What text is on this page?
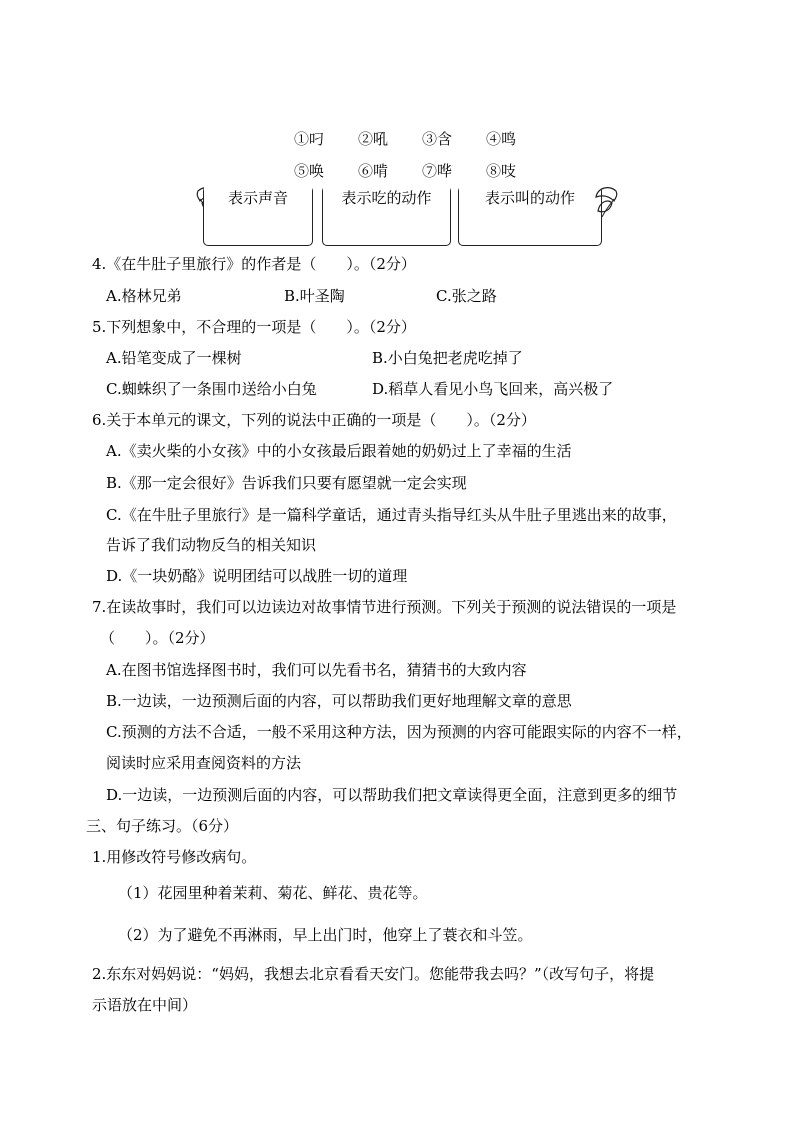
①叼 ②吼 ③含 ④鸣
⑤唤 ⑥啃 ⑦哗 ⑧吱
表示声音	表示吃的动作	表示叫的动作
4.《在牛肚子里旅行》的作者是（　　）。（2分）
A.格林兄弟	B.叶圣陶	C.张之路
5.下列想象中，不合理的一项是（　　）。（2分）
A.铅笔变成了一棵树	B.小白兔把老虎吃掉了
C.蜘蛛织了一条围巾送给小白兔	D.稻草人看见小鸟飞回来，高兴极了
6.关于本单元的课文，下列的说法中正确的一项是（　　）。（2分）
A.《卖火柴的小女孩》中的小女孩最后跟着她的奶奶过上了幸福的生活
B.《那一定会很好》告诉我们只要有愿望就一定会实现
C.《在牛肚子里旅行》是一篇科学童话，通过青头指导红头从牛肚子里逃出来的故事，
告诉了我们动物反刍的相关知识
D.《一块奶酪》说明团结可以战胜一切的道理
7.在读故事时，我们可以边读边对故事情节进行预测。下列关于预测的说法错误的一项是
（　　）。（2分）
A.在图书馆选择图书时，我们可以先看书名，猜猜书的大致内容
B.一边读，一边预测后面的内容，可以帮助我们更好地理解文章的意思
C.预测的方法不合适，一般不采用这种方法，因为预测的内容可能跟实际的内容不一样，
阅读时应采用查阅资料的方法
D.一边读，一边预测后面的内容，可以帮助我们把文章读得更全面，注意到更多的细节
三、句子练习。（6分）
1.用修改符号修改病句。
（1）花园里种着茉莉、菊花、鲜花、贵花等。
（2）为了避免不再淋雨，早上出门时，他穿上了蓑衣和斗笠。
2.东东对妈妈说：“妈妈，我想去北京看看天安门。您能带我去吗？”（改写句子，将提
示语放在中间）
